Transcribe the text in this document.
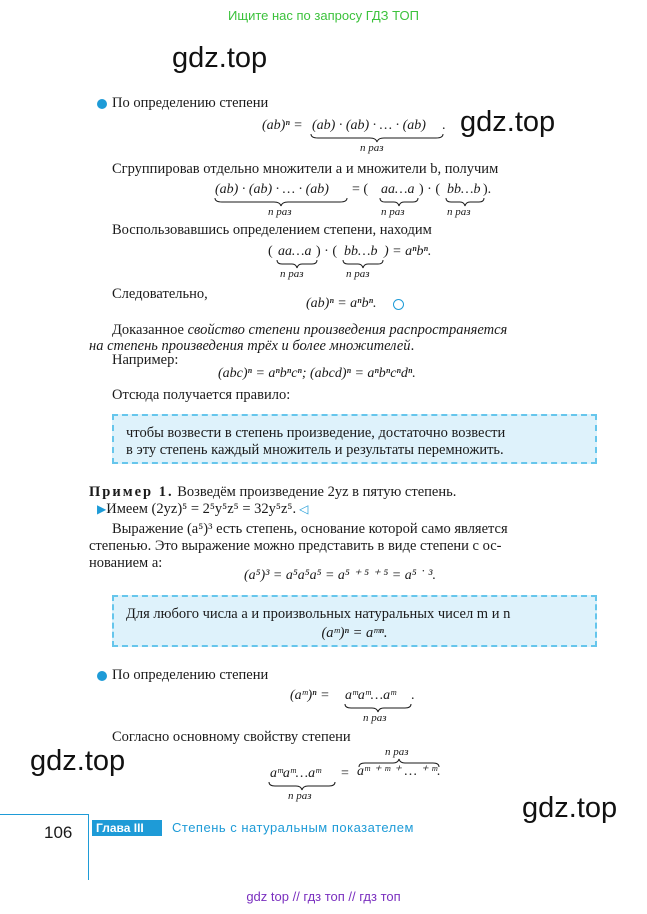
Ищите нас по запросу ГДЗ ТОП
gdz.top
gdz.top
gdz.top
gdz.top
По определению степени
(ab)ⁿ = (ab) · (ab) · … · (ab) .
n раз
Сгруппировав отдельно множители a и множители b, получим
(ab) · (ab) · … · (ab)
n раз
= ( aa…a
n раз
) · ( bb…b
n раз
).
Воспользовавшись определением степени, находим
( aa…a
n раз
) · ( bb…b
n раз
) = aⁿbⁿ.
Следовательно,
(ab)ⁿ = aⁿbⁿ.
Доказанное свойство степени произведения распространяется
на степень произведения трёх и более множителей.
Например:
(abc)ⁿ = aⁿbⁿcⁿ; (abcd)ⁿ = aⁿbⁿcⁿdⁿ.
Отсюда получается правило:
чтобы возвести в степень произведение, достаточно возвести
в эту степень каждый множитель и результаты перемножить.
Пример 1. Возведём произведение 2yz в пятую степень.
▶Имеем (2yz)⁵ = 2⁵y⁵z⁵ = 32y⁵z⁵. ◁
Выражение (a⁵)³ есть степень, основание которой само является
степенью. Это выражение можно представить в виде степени с ос-
нованием a:
(a⁵)³ = a⁵a⁵a⁵ = a⁵ ⁺ ⁵ ⁺ ⁵ = a⁵ ˙ ³.
Для любого числа a и произвольных натуральных чисел m и n
(aᵐ)ⁿ = aᵐⁿ.
По определению степени
(aᵐ)ⁿ = aᵐaᵐ…aᵐ
n раз
.
Согласно основному свойству степени
n раз
aᵐaᵐ…aᵐ
n раз
= aᵐ ⁺ ᵐ ⁺ … ⁺ ᵐ.
106	Глава III	Степень с натуральным показателем
gdz top // гдз топ // гдз топ
